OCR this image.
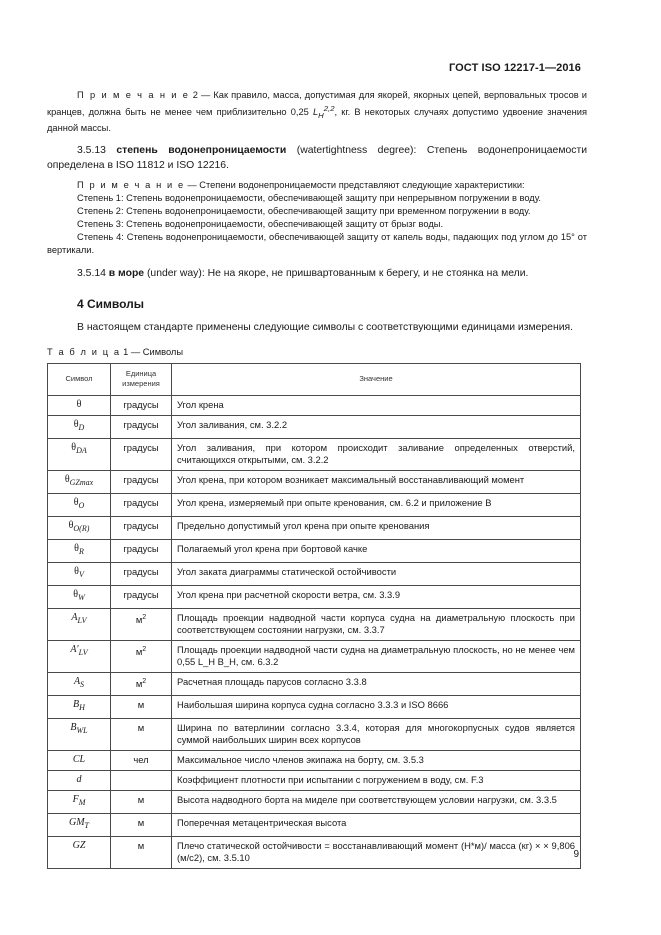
ГОСТ ISO 12217-1—2016

П р и м е ч а н и е 2 — Как правило, масса, допустимая для якорей, якорных цепей, верповальных тросов и кранцев, должна быть не менее чем приблизительно 0,25 $L_H^{2,2}$, кг. В некоторых случаях допустимо удвоение значения данной массы.

3.5.13 степень водонепроницаемости (watertightness degree): Степень водонепроницаемости определена в ISO 11812 и ISO 12216.

П р и м е ч а н и е — Степени водонепроницаемости представляют следующие характеристики:

Степень 1: Степень водонепроницаемости, обеспечивающей защиту при непрерывном погружении в воду.

Степень 2: Степень водонепроницаемости, обеспечивающей защиту при временном погружении в воду.

Степень 3: Степень водонепроницаемости, обеспечивающей защиту от брызг воды.

Степень 4: Степень водонепроницаемости, обеспечивающей защиту от капель воды, падающих под углом до 15° от вертикали.

3.5.14 в море (under way): Не на якоре, не пришвартованным к берегу, и не стоянка на мели.

4 Символы

В настоящем стандарте применены следующие символы с соответствующими единицами измерения.

Т а б л и ц а 1 — Символы
Символ	Единица измерения	Значение
θ	градусы	Угол крена
$\theta_D$	градусы	Угол заливания, см. 3.2.2
$\theta_{DA}$	градусы	Угол заливания, при котором происходит заливание определенных отверстий, считающихся открытыми, см. 3.2.2
$\theta_{GZmax}$	градусы	Угол крена, при котором возникает максимальный восстанавливающий момент
$\theta_O$	градусы	Угол крена, измеряемый при опыте кренования, см. 6.2 и приложение В
$\theta_{O(R)}$	градусы	Предельно допустимый угол крена при опыте кренования
$\theta_R$	градусы	Полагаемый угол крена при бортовой качке
$\theta_V$	градусы	Угол заката диаграммы статической остойчивости
$\theta_W$	градусы	Угол крена при расчетной скорости ветра, см. 3.3.9
$A_{LV}$	$м^2$	Площадь проекции надводной части корпуса судна на диаметральную плоскость при соответствующем состоянии нагрузки, см. 3.3.7
$A'_{LV}$	$м^2$	Площадь проекции надводной части судна на диаметральную плоскость, но не менее чем 0,55 L_H B_H, см. 6.3.2
$A_S$	$м^2$	Расчетная площадь парусов согласно 3.3.8
$B_H$	м	Наибольшая ширина корпуса судна согласно 3.3.3 и ISO 8666
$B_{WL}$	м	Ширина по ватерлинии согласно 3.3.4, которая для многокорпусных судов является суммой наибольших ширин всех корпусов
CL	чел	Максимальное число членов экипажа на борту, см. 3.5.3
d		Коэффициент плотности при испытании с погружением в воду, см. F.3
$F_M$	м	Высота надводного борта на миделе при соответствующем условии нагрузки, см. 3.3.5
$GM_T$	м	Поперечная метацентрическая высота
GZ	м	Плечо статической остойчивости = восстанавливающий момент (Н*м)/ масса (кг) × × 9,806 (м/с2), см. 3.5.10	9
